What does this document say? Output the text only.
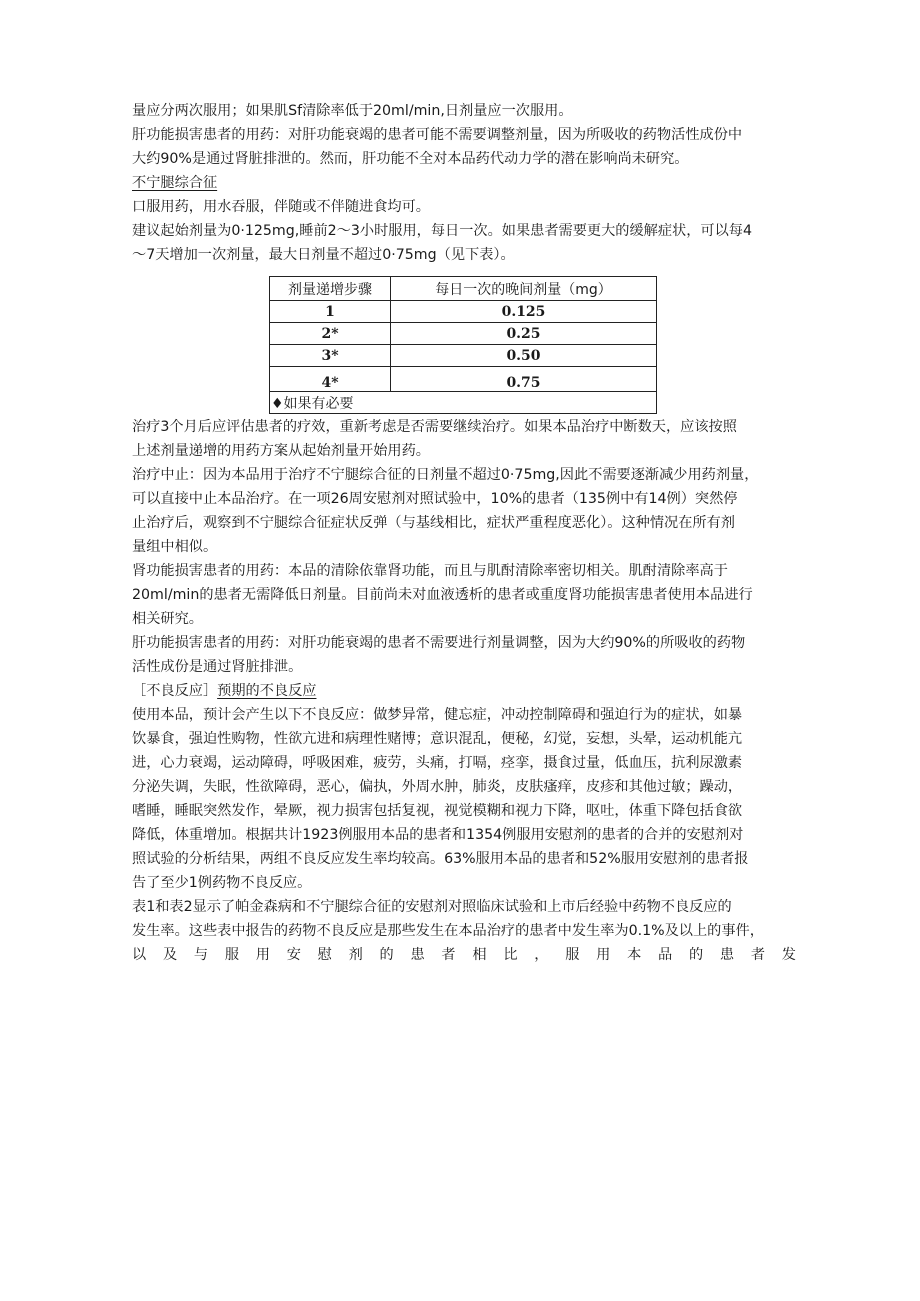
量应分两次服用；如果肌Sf清除率低于20ml/min,日剂量应一次服用。
肝功能损害患者的用药：对肝功能衰竭的患者可能不需要调整剂量，因为所吸收的药物活性成份中
大约90%是通过肾脏排泄的。然而，肝功能不全对本品药代动力学的潜在影响尚未研究。
不宁腿综合征
口服用药，用水吞服，伴随或不伴随进食均可。
建议起始剂量为0·125mg,睡前2～3小时服用，每日一次。如果患者需要更大的缓解症状，可以每4
～7天增加一次剂量，最大日剂量不超过0·75mg（见下表）。
剂量递增步骤	每日一次的晚间剂量（mg）
1	0.125
2*	0.25
3*	0.50
4*	0.75
♦如果有必要	
治疗3个月后应评估患者的疗效，重新考虑是否需要继续治疗。如果本品治疗中断数天，应该按照
上述剂量递增的用药方案从起始剂量开始用药。
治疗中止：因为本品用于治疗不宁腿综合征的日剂量不超过0·75mg,因此不需要逐渐减少用药剂量，
可以直接中止本品治疗。在一项26周安慰剂对照试验中，10%的患者（135例中有14例）突然停
止治疗后，观察到不宁腿综合征症状反弹（与基线相比，症状严重程度恶化）。这种情况在所有剂
量组中相似。
肾功能损害患者的用药：本品的清除依靠肾功能，而且与肌酎清除率密切相关。肌酎清除率高于
20ml/min的患者无需降低日剂量。目前尚未对血液透析的患者或重度肾功能损害患者使用本品进行
相关研究。
肝功能损害患者的用药：对肝功能衰竭的患者不需要进行剂量调整，因为大约90%的所吸收的药物
活性成份是通过肾脏排泄。
［不良反应］预期的不良反应
使用本品，预计会产生以下不良反应：做梦异常，健忘症，冲动控制障碍和强迫行为的症状，如暴
饮暴食，强迫性购物，性欲亢进和病理性赌博；意识混乱，便秘，幻觉，妄想，头晕，运动机能亢
进，心力衰竭，运动障碍，呼吸困难，疲劳，头痛，打嗝，痉挛，摄食过量，低血压，抗利尿激素
分泌失调，失眠，性欲障碍，恶心，偏执，外周水肿，肺炎，皮肤瘙痒，皮疹和其他过敏；躁动，
嗜睡，睡眠突然发作，晕厥，视力损害包括复视，视觉模糊和视力下降，呕吐，体重下降包括食欲
降低，体重增加。根据共计1923例服用本品的患者和1354例服用安慰剂的患者的合并的安慰剂对
照试验的分析结果，两组不良反应发生率均较高。63%服用本品的患者和52%服用安慰剂的患者报
告了至少1例药物不良反应。
表1和表2显示了帕金森病和不宁腿综合征的安慰剂对照临床试验和上市后经验中药物不良反应的
发生率。这些表中报告的药物不良反应是那些发生在本品治疗的患者中发生率为0.1%及以上的事件，
以及与服用安慰剂的患者相比，服用本品的患者发
